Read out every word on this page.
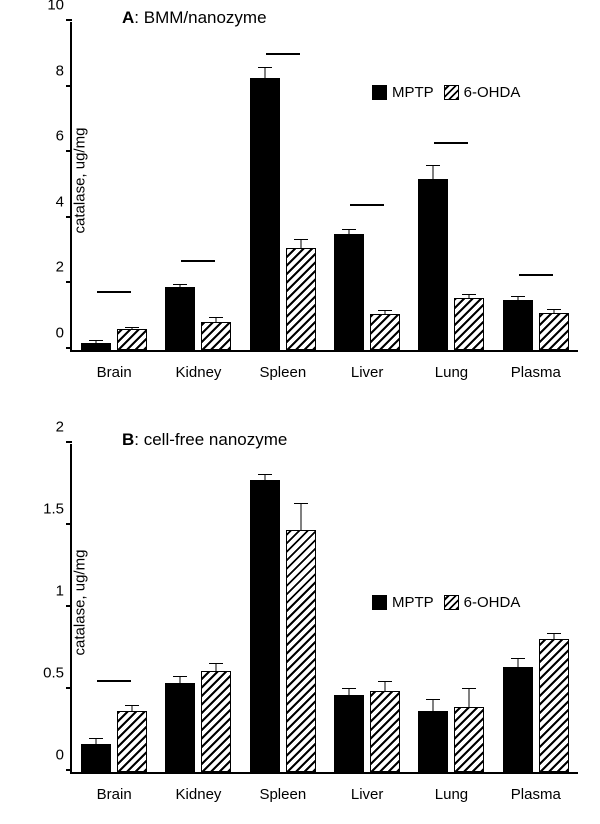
A: BMM/nanozyme
catalase, ug/mg
0
2
4
6
8
10
Brain	Kidney	Spleen	Liver	Lung	Plasma
MPTP 6-OHDA
B: cell-free nanozyme
catalase, ug/mg
0
0.5
1
1.5
2
Brain	Kidney	Spleen	Liver	Lung	Plasma
MPTP 6-OHDA
